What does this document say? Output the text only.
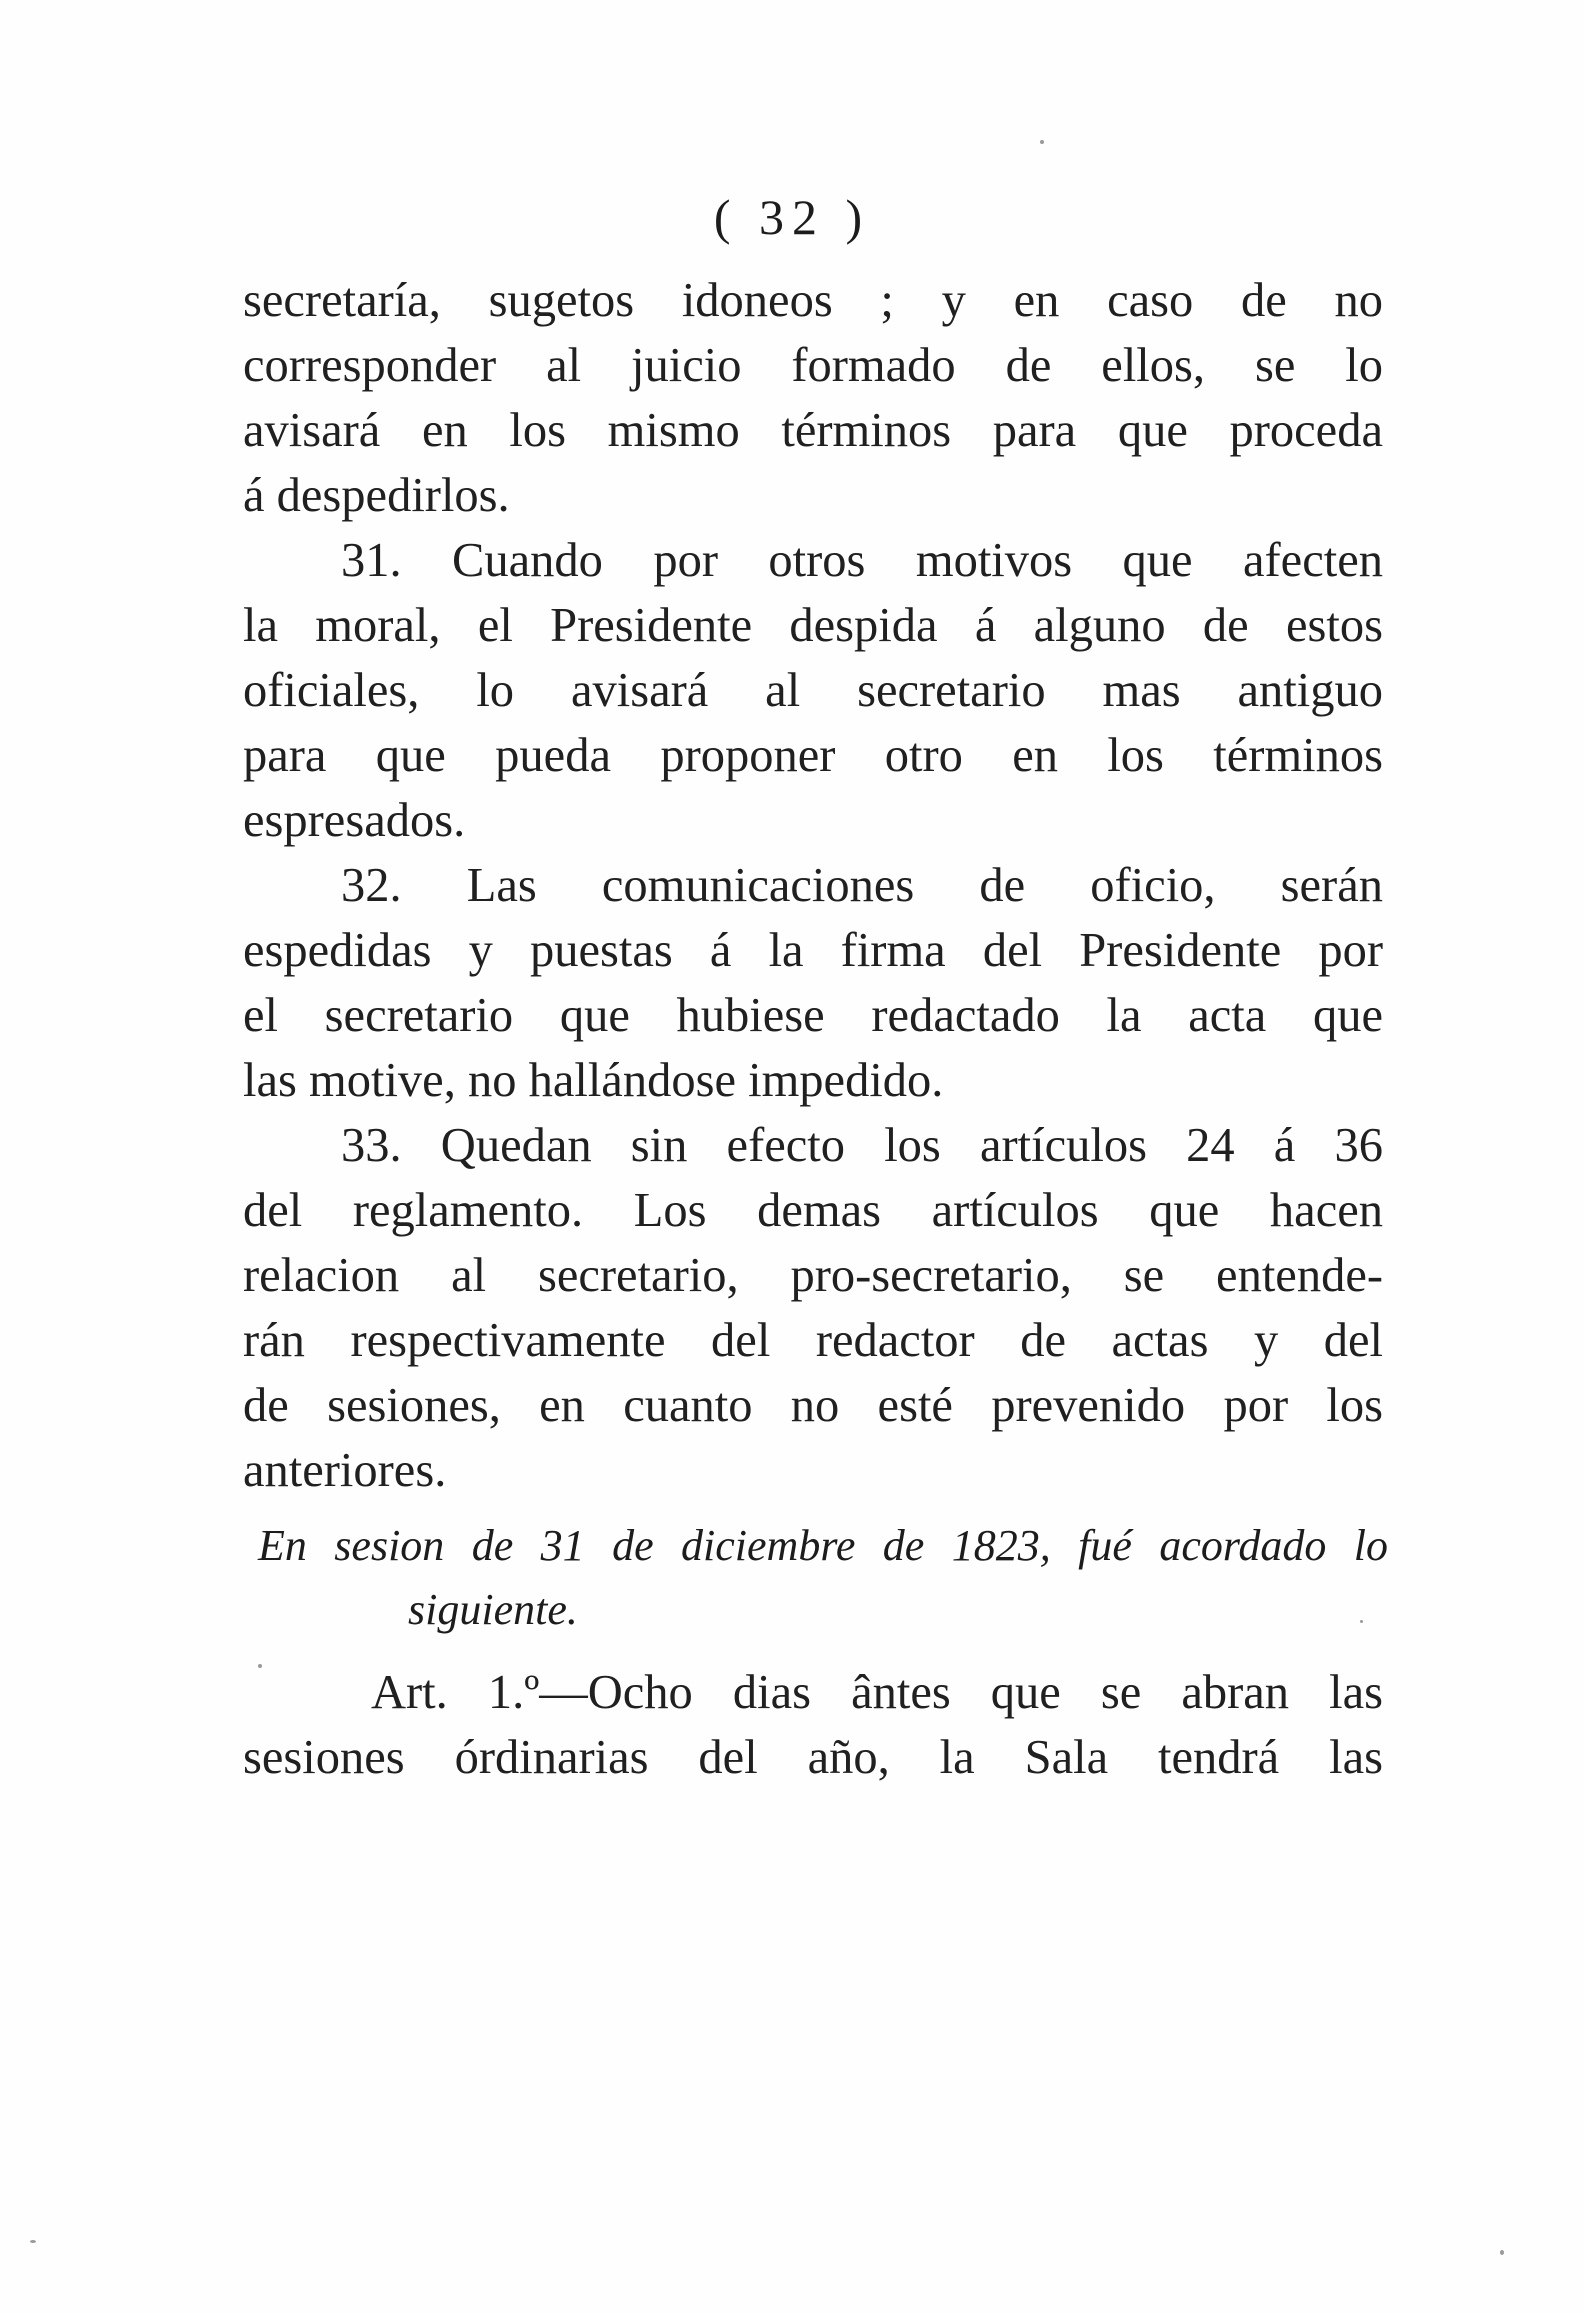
( 32 )
secretaría, sugetos idoneos ; y en caso de no
corresponder al juicio formado de ellos, se lo
avisará en los mismo términos para que proceda
á despedirlos.
31. Cuando por otros motivos que afecten
la moral, el Presidente despida á alguno de estos
oficiales, lo avisará al secretario mas antiguo
para que pueda proponer otro en los términos
espresados.
32. Las comunicaciones de oficio, serán
espedidas y puestas á la firma del Presidente por
el secretario que hubiese redactado la acta que
las motive, no hallándose impedido.
33. Quedan sin efecto los artículos 24 á 36
del reglamento. Los demas artículos que hacen
relacion al secretario, pro-secretario, se entende-
rán respectivamente del redactor de actas y del
de sesiones, en cuanto no esté prevenido por los
anteriores.
En sesion de 31 de diciembre de 1823, fué acordado lo
siguiente.
Art. 1.º—Ocho dias ântes que se abran las
sesiones órdinarias del año, la Sala tendrá las
